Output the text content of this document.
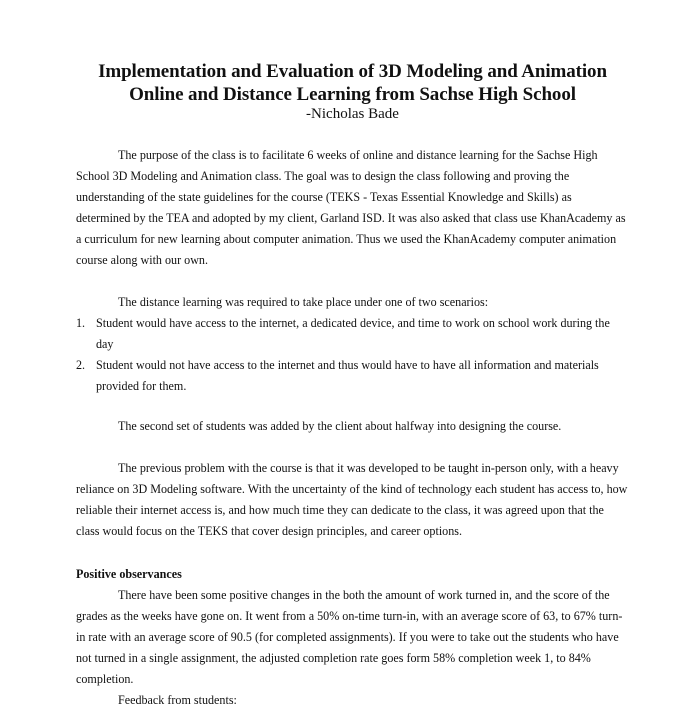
Implementation and Evaluation of 3D Modeling and Animation
Online and Distance Learning from Sachse High School
-Nicholas Bade

The purpose of the class is to facilitate 6 weeks of online and distance learning for the Sachse High School 3D Modeling and Animation class. The goal was to design the class following and proving the understanding of the state guidelines for the course (TEKS - Texas Essential Knowledge and Skills) as determined by the TEA and adopted by my client, Garland ISD. It was also asked that class use KhanAcademy as a curriculum for new learning about computer animation. Thus we used the KhanAcademy computer animation course along with our own.

The distance learning was required to take place under one of two scenarios:

1. Student would have access to the internet, a dedicated device, and time to work on school work during the day
2. Student would not have access to the internet and thus would have to have all information and materials provided for them.

The second set of students was added by the client about halfway into designing the course.

The previous problem with the course is that it was developed to be taught in-person only, with a heavy reliance on 3D Modeling software. With the uncertainty of the kind of technology each student has access to, how reliable their internet access is, and how much time they can dedicate to the class, it was agreed upon that the class would focus on the TEKS that cover design principles, and career options.

Positive observances

There have been some positive changes in the both the amount of work turned in, and the score of the grades as the weeks have gone on. It went from a 50% on-time turn-in, with an average score of 63, to 67% turn-in rate with an average score of 90.5 (for completed assignments). If you were to take out the students who have not turned in a single assignment, the adjusted completion rate goes form 58% completion week 1, to 84% completion.

Feedback from students:
